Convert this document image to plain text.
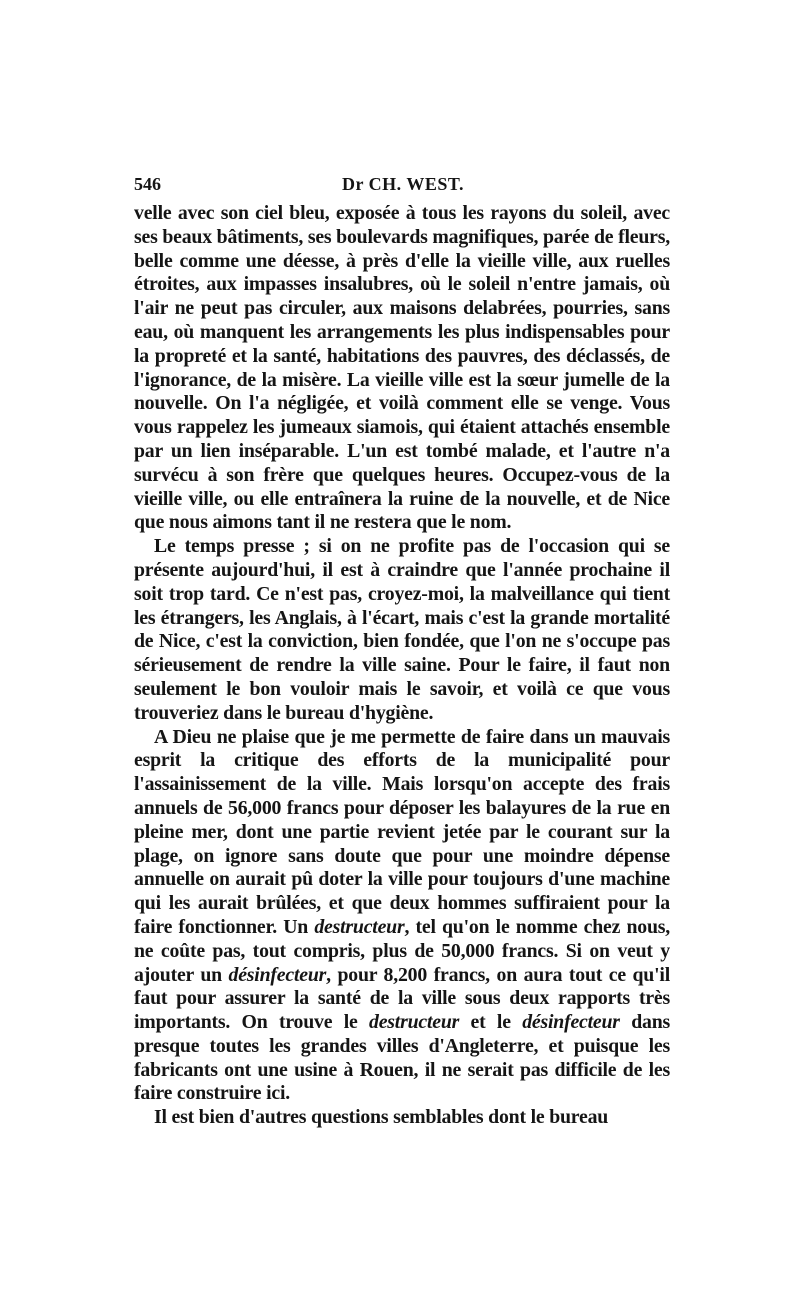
546	Dr CH. WEST.

velle avec son ciel bleu, exposée à tous les rayons du soleil, avec ses beaux bâtiments, ses boulevards magnifiques, parée de fleurs, belle comme une déesse, à près d'elle la vieille ville, aux ruelles étroites, aux impasses insalubres, où le soleil n'entre jamais, où l'air ne peut pas circuler, aux maisons delabrées, pourries, sans eau, où manquent les arrangements les plus indispensables pour la propreté et la santé, habitations des pauvres, des déclassés, de l'ignorance, de la misère. La vieille ville est la sœur jumelle de la nouvelle. On l'a négligée, et voilà comment elle se venge. Vous vous rappelez les jumeaux siamois, qui étaient attachés ensemble par un lien inséparable. L'un est tombé malade, et l'autre n'a survécu à son frère que quelques heures. Occupez-vous de la vieille ville, ou elle entraînera la ruine de la nouvelle, et de Nice que nous aimons tant il ne restera que le nom.

Le temps presse ; si on ne profite pas de l'occasion qui se présente aujourd'hui, il est à craindre que l'année prochaine il soit trop tard. Ce n'est pas, croyez-moi, la malveillance qui tient les étrangers, les Anglais, à l'écart, mais c'est la grande mortalité de Nice, c'est la conviction, bien fondée, que l'on ne s'occupe pas sérieusement de rendre la ville saine. Pour le faire, il faut non seulement le bon vouloir mais le savoir, et voilà ce que vous trouveriez dans le bureau d'hygiène.

A Dieu ne plaise que je me permette de faire dans un mauvais esprit la critique des efforts de la municipalité pour l'assainissement de la ville. Mais lorsqu'on accepte des frais annuels de 56,000 francs pour déposer les balayures de la rue en pleine mer, dont une partie revient jetée par le courant sur la plage, on ignore sans doute que pour une moindre dépense annuelle on aurait pû doter la ville pour toujours d'une machine qui les aurait brûlées, et que deux hommes suffiraient pour la faire fonctionner. Un destructeur, tel qu'on le nomme chez nous, ne coûte pas, tout compris, plus de 50,000 francs. Si on veut y ajouter un désinfecteur, pour 8,200 francs, on aura tout ce qu'il faut pour assurer la santé de la ville sous deux rapports très importants. On trouve le destructeur et le désinfecteur dans presque toutes les grandes villes d'Angleterre, et puisque les fabricants ont une usine à Rouen, il ne serait pas difficile de les faire construire ici.

Il est bien d'autres questions semblables dont le bureau
